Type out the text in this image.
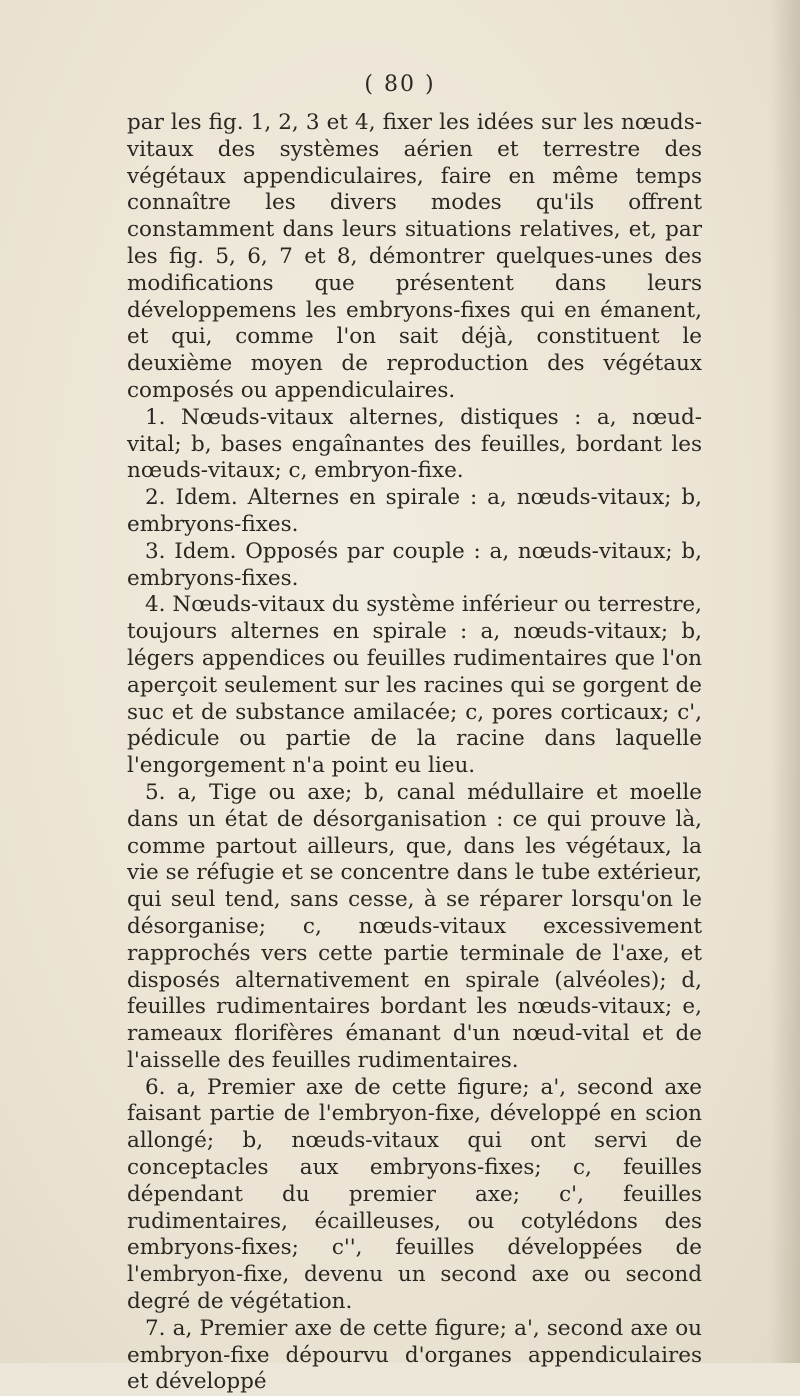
( 80 )

par les fig. 1, 2, 3 et 4, fixer les idées sur les nœuds-vitaux des systèmes aérien et terrestre des végétaux appendiculaires, faire en même temps connaître les divers modes qu'ils offrent constamment dans leurs situations relatives, et, par les fig. 5, 6, 7 et 8, démontrer quelques-unes des modifications que présentent dans leurs développemens les embryons-fixes qui en émanent, et qui, comme l'on sait déjà, constituent le deuxième moyen de reproduction des végétaux composés ou appendiculaires.

1. Nœuds-vitaux alternes, distiques : a, nœud-vital; b, bases engaînantes des feuilles, bordant les nœuds-vitaux; c, embryon-fixe.

2. Idem. Alternes en spirale : a, nœuds-vitaux; b, embryons-fixes.

3. Idem. Opposés par couple : a, nœuds-vitaux; b, embryons-fixes.

4. Nœuds-vitaux du système inférieur ou terrestre, toujours alternes en spirale : a, nœuds-vitaux; b, légers appendices ou feuilles rudimentaires que l'on aperçoit seulement sur les racines qui se gorgent de suc et de substance amilacée; c, pores corticaux; c', pédicule ou partie de la racine dans laquelle l'engorgement n'a point eu lieu.

5. a, Tige ou axe; b, canal médullaire et moelle dans un état de désorganisation : ce qui prouve là, comme partout ailleurs, que, dans les végétaux, la vie se réfugie et se concentre dans le tube extérieur, qui seul tend, sans cesse, à se réparer lorsqu'on le désorganise; c, nœuds-vitaux excessivement rapprochés vers cette partie terminale de l'axe, et disposés alternativement en spirale (alvéoles); d, feuilles rudimentaires bordant les nœuds-vitaux; e, rameaux florifères émanant d'un nœud-vital et de l'aisselle des feuilles rudimentaires.

6. a, Premier axe de cette figure; a', second axe faisant partie de l'embryon-fixe, développé en scion allongé; b, nœuds-vitaux qui ont servi de conceptacles aux embryons-fixes; c, feuilles dépendant du premier axe; c', feuilles rudimentaires, écailleuses, ou cotylédons des embryons-fixes; c'', feuilles développées de l'embryon-fixe, devenu un second axe ou second degré de végétation.

7. a, Premier axe de cette figure; a', second axe ou embryon-fixe dépourvu d'organes appendiculaires et développé
